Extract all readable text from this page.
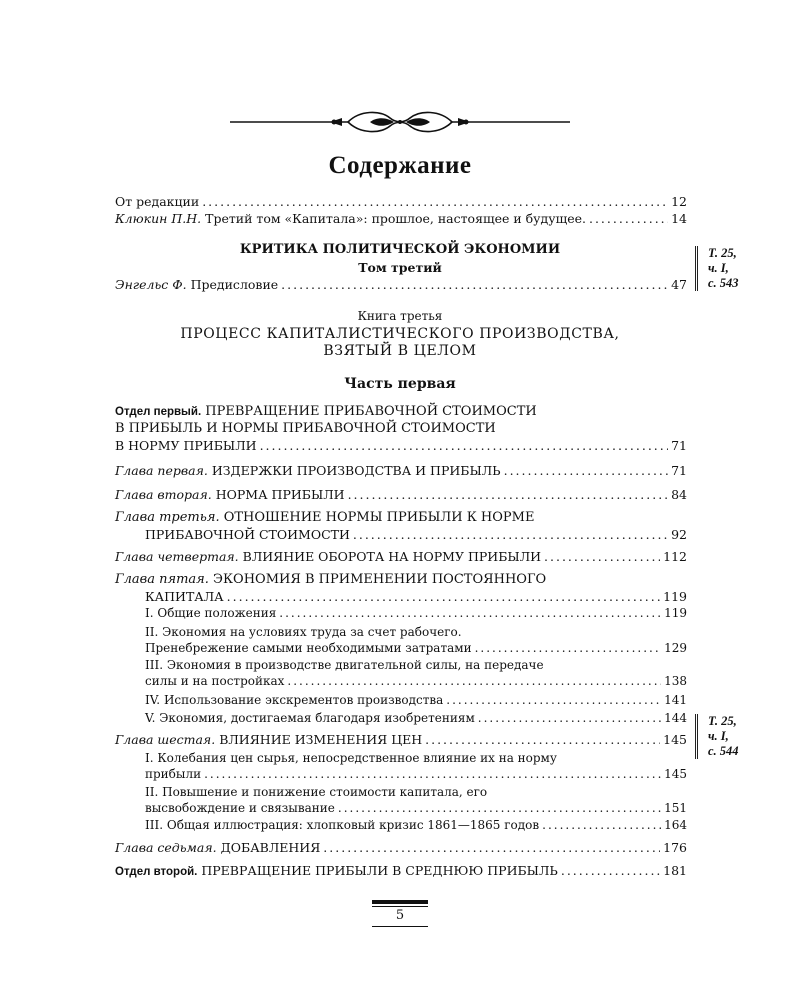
Содержание
От редакции .....	12
Клюкин П.Н. Третий том «Капитала»: прошлое, настоящее и будущее. .....	14
Энгельс Ф. Предисловие .....	47
Отдел первый. ПРЕВРАЩЕНИЕ ПРИБАВОЧНОЙ СТОИМОСТИ
В ПРИБЫЛЬ И НОРМЫ ПРИБАВОЧНОЙ СТОИМОСТИ
В НОРМУ ПРИБЫЛИ .....	71
Глава первая. ИЗДЕРЖКИ ПРОИЗВОДСТВА И ПРИБЫЛЬ .....	71
Глава вторая. НОРМА ПРИБЫЛИ .....	84
Глава третья. ОТНОШЕНИЕ НОРМЫ ПРИБЫЛИ К НОРМЕ
ПРИБАВОЧНОЙ СТОИМОСТИ .....	92
Глава четвертая. ВЛИЯНИЕ ОБОРОТА НА НОРМУ ПРИБЫЛИ .....	112
Глава пятая. ЭКОНОМИЯ В ПРИМЕНЕНИИ ПОСТОЯННОГО
КАПИТАЛА .....	119
I. Общие положения .....	119
II. Экономия на условиях труда за счет рабочего.
Пренебрежение самыми необходимыми затратами .....	129
III. Экономия в производстве двигательной силы, на передаче
силы и на постройках .....	138
IV. Использование экскрементов производства .....	141
V. Экономия, достигаемая благодаря изобретениям .....	144
Глава шестая. ВЛИЯНИЕ ИЗМЕНЕНИЯ ЦЕН .....	145
I. Колебания цен сырья, непосредственное влияние их на норму
прибыли .....	145
II. Повышение и понижение стоимости капитала, его
высвобождение и связывание .....	151
III. Общая иллюстрация: хлопковый кризис 1861—1865 годов .....	164
Глава седьмая. ДОБАВЛЕНИЯ .....	176
Отдел второй. ПРЕВРАЩЕНИЕ ПРИБЫЛИ В СРЕДНЮЮ ПРИБЫЛЬ .....	181
КРИТИКА ПОЛИТИЧЕСКОЙ ЭКОНОМИИ
Том третий
Книга третья
ПРОЦЕСС КАПИТАЛИСТИЧЕСКОГО ПРОИЗВОДСТВА,
ВЗЯТЫЙ В ЦЕЛОМ
Часть первая
Т. 25,
ч. I,
с. 543
Т. 25,
ч. I,
с. 544
5
